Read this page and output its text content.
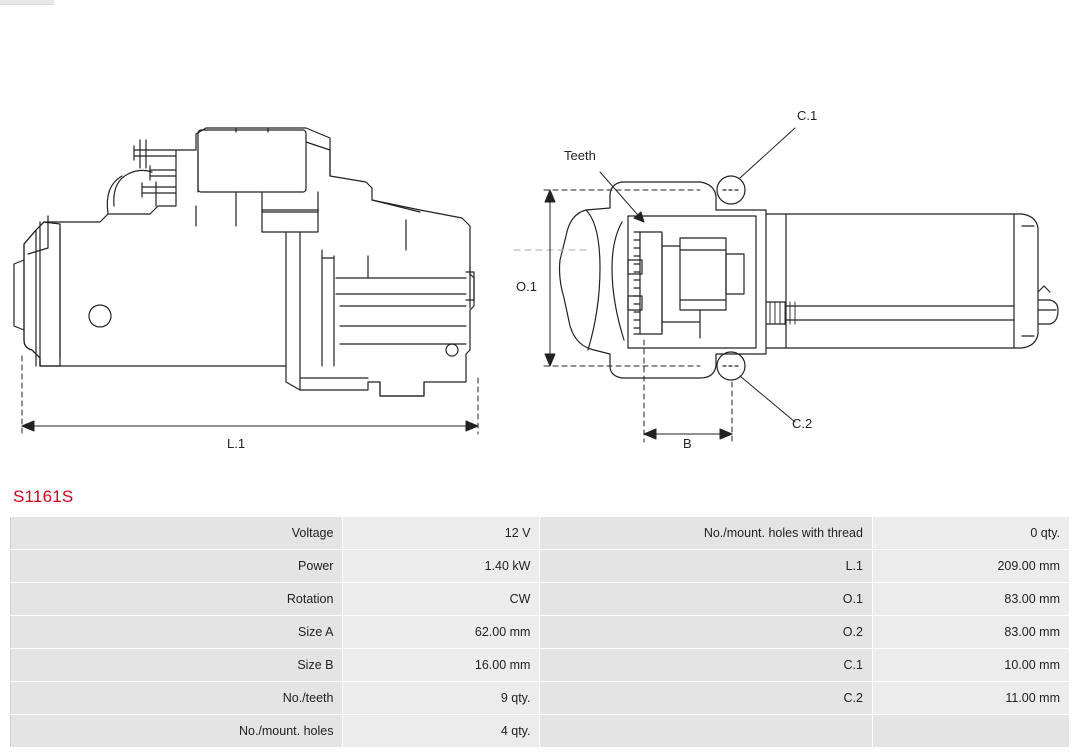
L.1
O.1
B
Teeth
C.1
C.2
S1161S
Voltage	12 V	No./mount. holes with thread	0 qty.
Power	1.40 kW	L.1	209.00 mm
Rotation	CW	O.1	83.00 mm
Size A	62.00 mm	O.2	83.00 mm
Size B	16.00 mm	C.1	10.00 mm
No./teeth	9 qty.	C.2	11.00 mm
No./mount. holes	4 qty.		
